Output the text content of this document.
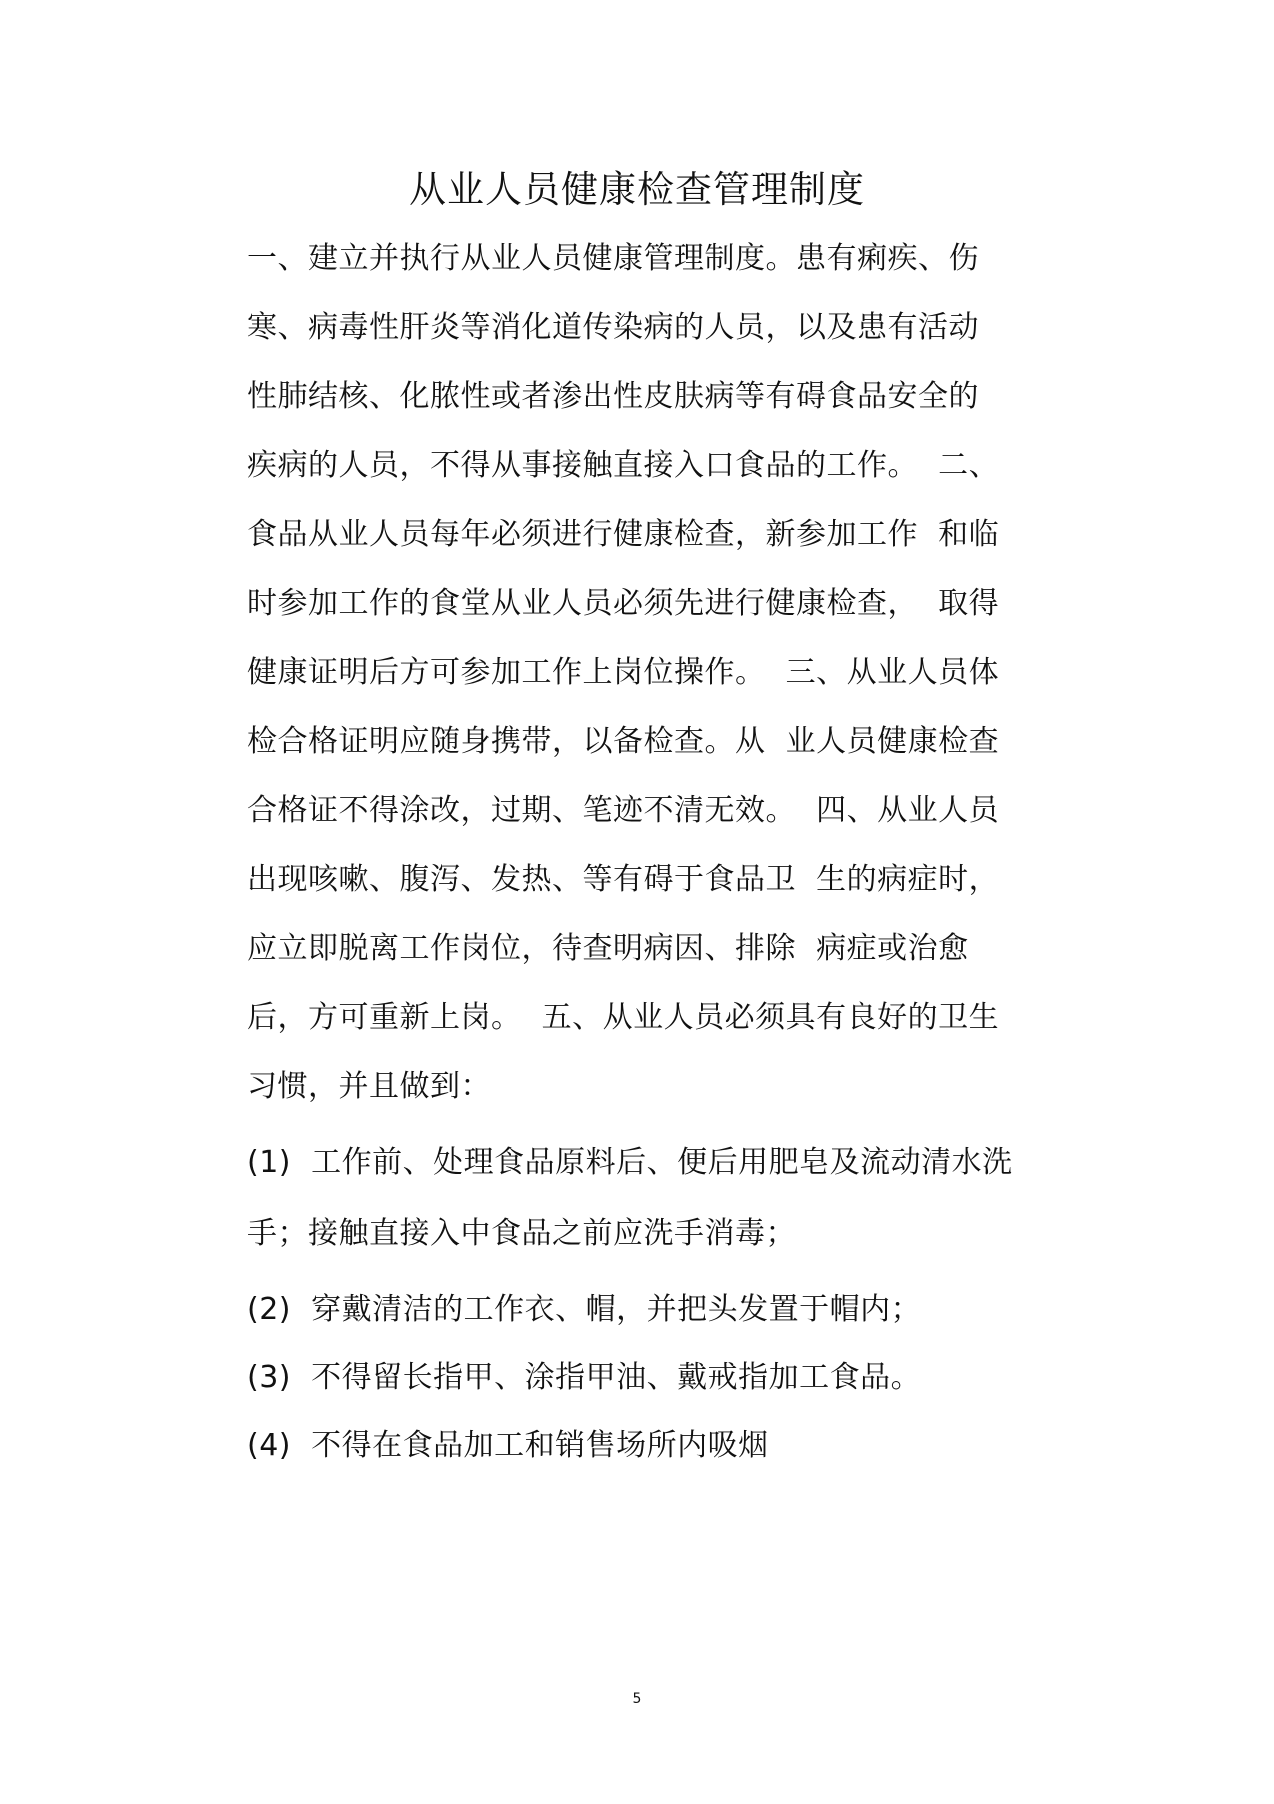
从业人员健康检查管理制度
一、建立并执行从业人员健康管理制度。患有痢疾、伤
寒、病毒性肝炎等消化道传染病的人员，以及患有活动
性肺结核、化脓性或者渗出性皮肤病等有碍食品安全的
疾病的人员，不得从事接触直接入口食品的工作。  二、
食品从业人员每年必须进行健康检查，新参加工作  和临
时参加工作的食堂从业人员必须先进行健康检查，  取得
健康证明后方可参加工作上岗位操作。  三、从业人员体
检合格证明应随身携带，以备检查。从  业人员健康检查
合格证不得涂改，过期、笔迹不清无效。  四、从业人员
出现咳嗽、腹泻、发热、等有碍于食品卫  生的病症时，
应立即脱离工作岗位，待查明病因、排除  病症或治愈
后，方可重新上岗。  五、从业人员必须具有良好的卫生
习惯，并且做到：
(1)  工作前、处理食品原料后、便后用肥皂及流动清水洗
手；接触直接入中食品之前应洗手消毒；
(2)  穿戴清洁的工作衣、帽，并把头发置于帽内；
(3)  不得留长指甲、涂指甲油、戴戒指加工食品。
(4)  不得在食品加工和销售场所内吸烟
5
